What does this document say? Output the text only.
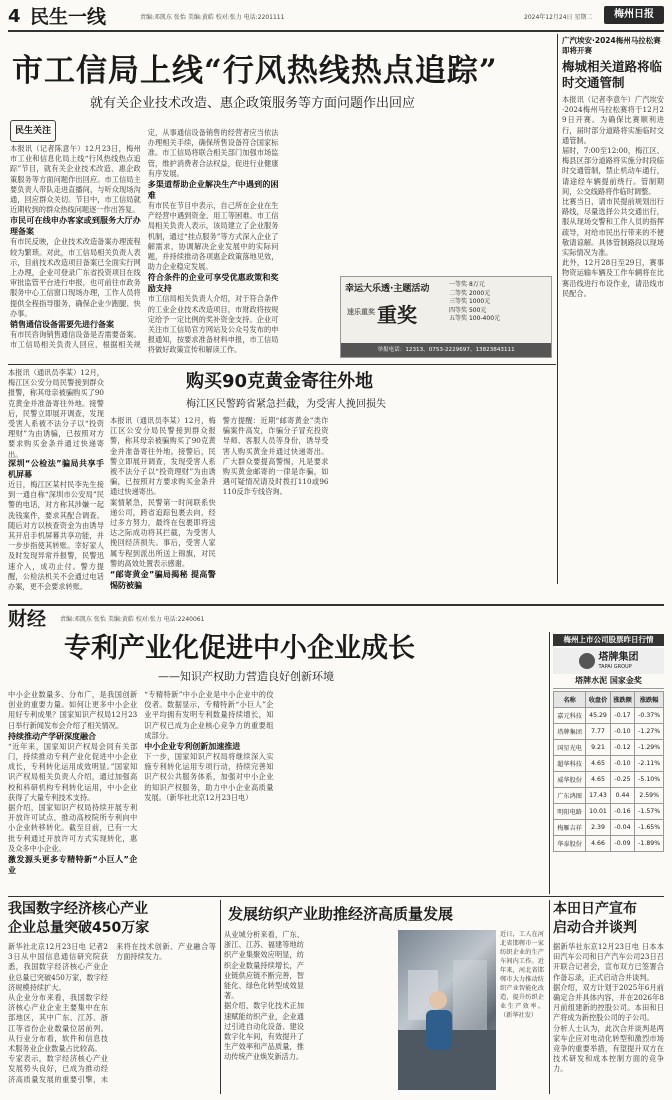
4 民生一线	责编:邓凯东 张怡 美编:黄皓 校对:张力 电话:2201111	2024年12月24日 星期二	梅州日报
市工信局上线“行风热线热点追踪”
就有关企业技术改造、惠企政策服务等方面问题作出回应
民生关注

本报讯（记者陈意午）12月23日，梅州市工业和信息化局上线“行风热线热点追踪”节目，就有关企业技术改造、惠企政策服务等方面问题作出回应。市工信局主要负责人带队走进直播间，与听众现场沟通，回应群众关切。节目中，市工信局就近期收到的群众热线问题逐一作出答复。

市民可在线申办客家或到服务大厅办理备案

有市民反映，企业技术改造备案办理流程较为繁琐。对此，市工信局相关负责人表示，目前技术改造项目备案已全面实行网上办理，企业可登录广东省投资项目在线审批监管平台进行申报，也可前往市政务服务中心工信窗口现场办理，工作人员将提供全程指导服务，确保企业少跑腿、快办事。

销售通信设备需要先进行备案

有市民咨询销售通信设备是否需要备案。市工信局相关负责人回应，根据相关规定，从事通信设备销售的经营者应当依法办理相关手续，确保所售设备符合国家标准。市工信局将联合相关部门加强市场监管，维护消费者合法权益，促进行业健康有序发展。

多渠道帮助企业解决生产中遇到的困难

有市民在节目中表示，自己所在企业在生产经营中遇到资金、用工等困难。市工信局相关负责人表示，该局建立了企业服务机制，通过“挂点服务”等方式深入企业了解需求，协调解决企业发展中的实际问题，并持续推动各项惠企政策落地见效，助力企业稳定发展。

符合条件的企业可享受优惠政策和奖励支持

市工信局相关负责人介绍，对于符合条件的工业企业技术改造项目，市财政将按规定给予一定比例的奖补资金支持。企业可关注市工信局官方网站及公众号发布的申报通知，按要求准备材料申报，市工信局将做好政策宣传和解读工作。

幸运大乐透·主题活动
重奖
速乐重奖
一等奖 8万元
二等奖 2000元
三等奖 1000元
四等奖 500元
五等奖 100-400元
举报电话：12313、0753-2229697、13823843111
广汽埃安·2024梅州马拉松赛即将开赛
梅城相关道路将临时交通管制

本报讯（记者李意午）广汽埃安·2024梅州马拉松赛将于12月29日开赛。为确保比赛顺利进行，届时部分道路将实施临时交通管制。

届时，7:00至12:00，梅江区、梅县区部分道路将实施分时段临时交通管制，禁止机动车通行，请途经车辆提前绕行。管制期间，公交线路将作临时调整。

比赛当日，请市民提前规划出行路线，尽量选择公共交通出行，服从现场交警和工作人员的指挥疏导，对给市民出行带来的不便敬请谅解。具体管制路段以现场实际情况为准。

此外，12月28日至29日，赛事物资运输车辆及工作车辆将在比赛沿线进行布设作业，请沿线市民配合。

本报讯（通讯员李某）12月，梅江区公安分局民警接到群众报警，称其母亲被骗购买了90克黄金并准备寄往外地。接警后，民警立即展开调查，发现受害人系被不法分子以“投资理财”为由诱骗，已按照对方要求购买金条并通过快递寄出。

深圳“公检法”骗局共享手机屏幕

近日，梅江区某村民李先生接到一通自称“深圳市公安局”民警的电话，对方称其涉嫌一起洗钱案件，要求其配合调查。随后对方以核查资金为由诱导其开启手机屏幕共享功能，并一步步指使其转账。幸好家人及时发现异常并报警，民警迅速介入，成功止付。警方提醒，公检法机关不会通过电话办案，更不会要求转账。

购买90克黄金寄往外地
梅江区民警跨省紧急拦截，为受害人挽回损失

本报讯（通讯员李某）12月，梅江区公安分局民警接到群众报警，称其母亲被骗购买了90克黄金并准备寄往外地。接警后，民警立即展开调查，发现受害人系被不法分子以“投资理财”为由诱骗，已按照对方要求购买金条并通过快递寄出。

案情紧急，民警第一时间联系快递公司，跨省追踪包裹去向，经过多方努力，最终在包裹即将送达之际成功将其拦截，为受害人挽回经济损失。事后，受害人家属专程到派出所送上锦旗，对民警的高效处置表示感谢。

“邮寄黄金”骗局揭秘 提高警惕防被骗

警方提醒：近期“邮寄黄金”类诈骗案件高发，诈骗分子冒充投资导师、客服人员等身份，诱导受害人购买黄金并通过快递寄出。广大群众要提高警惕，凡是要求购买黄金邮寄的一律是诈骗，如遇可疑情况请及时拨打110或96110反诈专线咨询。

财经 责编:邓凯东 张怡 美编:黄皓 校对:张力 电话:2240061
专利产业化促进中小企业成长
——知识产权助力营造良好创新环境

中小企业数量多、分布广，是我国创新创业的重要力量。如何让更多中小企业用好专利成果？国家知识产权局12月23日举行新闻发布会介绍了相关情况。

持续推动产学研深度融合

“近年来，国家知识产权局会同有关部门，持续推动专利产业化促进中小企业成长，专利转化运用成效明显。”国家知识产权局相关负责人介绍，通过加强高校和科研机构专利转化运用，中小企业获得了大量专利技术支持。

据介绍，国家知识产权局持续开展专利开放许可试点，推动高校院所专利向中小企业转移转化。截至目前，已有一大批专利通过开放许可方式实现转化，惠及众多中小企业。

激发源头更多专精特新“小巨人”企业

“专精特新”中小企业是中小企业中的佼佼者。数据显示，专精特新“小巨人”企业平均拥有发明专利数量持续增长，知识产权已成为企业核心竞争力的重要组成部分。

中小企业专利创新加速推进

下一步，国家知识产权局将继续深入实施专利转化运用专项行动，持续完善知识产权公共服务体系，加强对中小企业的知识产权服务，助力中小企业高质量发展。（新华社北京12月23日电）

梅州上市公司股票昨日行情
塔牌集团
TAPAI GROUP
塔牌水泥 国家金奖
名称	收盘价	涨跌额	涨跌幅
嘉元科技	45.29	-0.17	-0.37%
塔牌集团	7.77	-0.10	-1.27%
国星光电	9.21	-0.12	-1.29%
超华科技	4.65	-0.10	-2.11%
威华股份	4.65	-0.25	-5.10%
广东鸿图	17.43	0.44	2.59%
明阳电路	10.01	-0.16	-1.57%
梅雁吉祥	2.39	-0.04	-1.65%
华泰股份	4.66	-0.09	-1.89%
我国数字经济核心产业
企业总量突破450万家

新华社北京12月23日电 记者23日从中国信息通信研究院获悉，我国数字经济核心产业企业总量已突破450万家，数字经济规模持续扩大。

从企业分布来看，我国数字经济核心产业企业主要集中在东部地区，其中广东、江苏、浙江等省份企业数量位居前列。从行业分布看，软件和信息技术服务业企业数量占比较高。

专家表示，数字经济核心产业发展势头良好，已成为推动经济高质量发展的重要引擎，未来将在技术创新、产业融合等方面持续发力。

发展纺织产业助推经济高质量发展

从业城分析来看，广东、浙江、江苏、福建等地纺织产业集聚效应明显，纺织企业数量持续增长，产业链供应链不断完善，智能化、绿色化转型成效显著。

据介绍，数字化技术正加速赋能纺织产业，企业通过引进自动化设备、建设数字化车间，有效提升了生产效率和产品质量，推动传统产业焕发新活力。

近日，工人在河北省邯郸市一家纺织企业的生产车间内工作。近年来，河北省邯郸市大力推动纺织产业智能化改造，提升纺织企业生产效率。（新华社发）
本田日产宣布
启动合并谈判

据新华社东京12月23日电 日本本田汽车公司和日产汽车公司23日召开联合记者会，宣布双方已签署合作备忘录，正式启动合并谈判。

据介绍，双方计划于2025年6月前确定合并具体内容，并在2026年8月前组建新的控股公司。本田和日产将成为新控股公司的子公司。

分析人士认为，此次合并谈判是两家车企应对电动化转型和激烈市场竞争的重要举措，有望提升双方在技术研发和成本控制方面的竞争力。
